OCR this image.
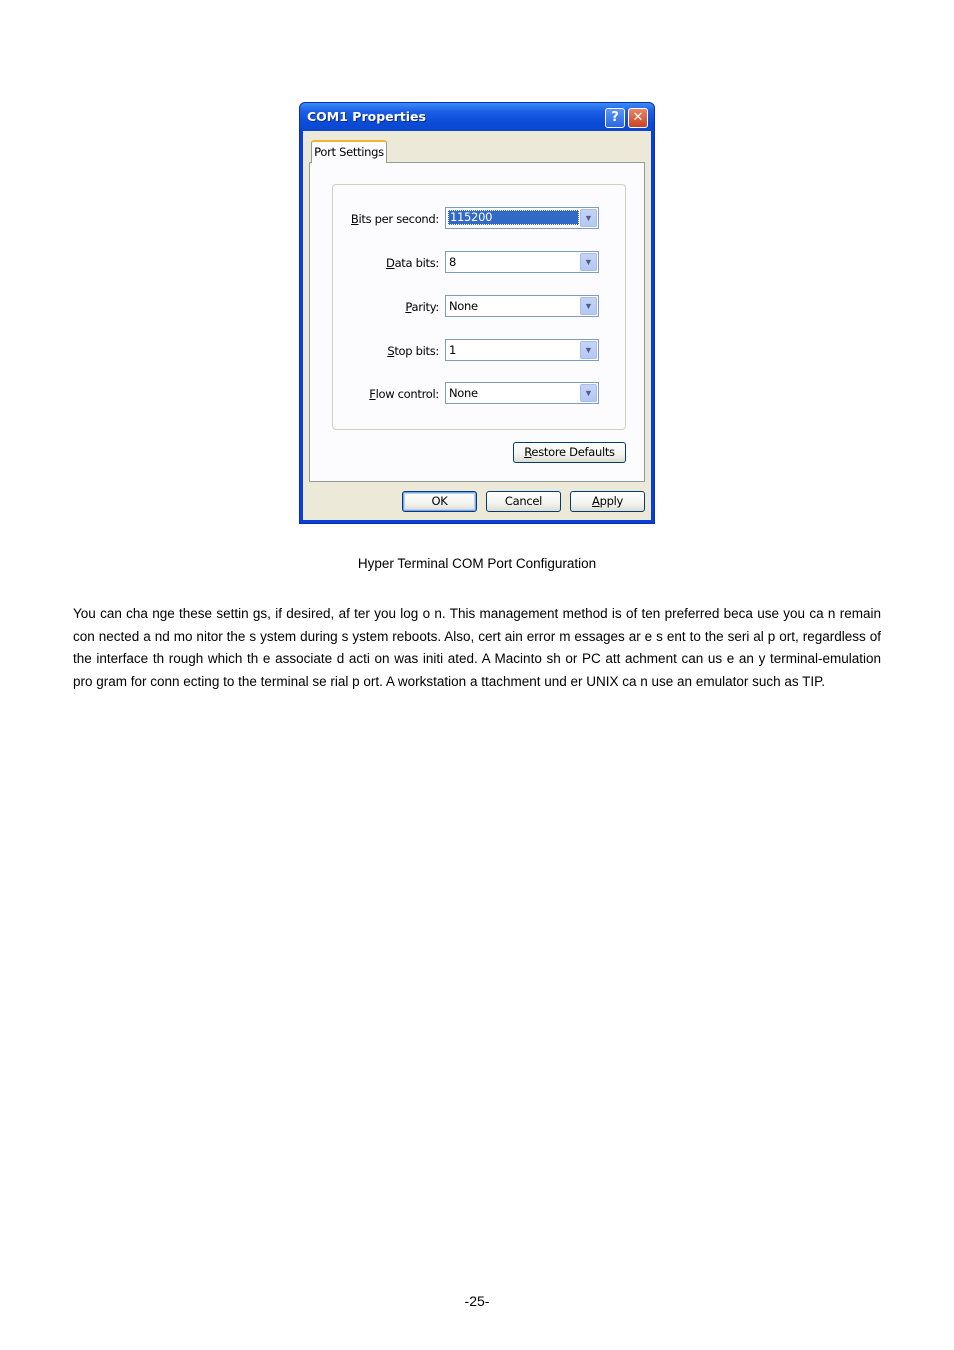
COM1 Properties	?	✕
Port Settings
Bits per second: 115200	▼
Data bits: 8	▼
Parity: None	▼
Stop bits: 1	▼
Flow control: None	▼
Restore Defaults
OK	Cancel	Apply
Hyper Terminal COM Port Configuration

You can cha nge these settin gs, if desired, af ter you log o n. This management method is of ten preferred beca use you ca n remain con nected a nd mo nitor the s ystem during s ystem reboots. Also, cert ain error m essages ar e s ent to the seri al p ort, regardless of the interface th rough which th e associate d acti on was initi ated. A Macinto sh or PC att achment can us e an y terminal-emulation pro gram for conn ecting to the terminal se rial p ort. A workstation a ttachment und er UNIX ca n use an emulator such as TIP.

-25-
